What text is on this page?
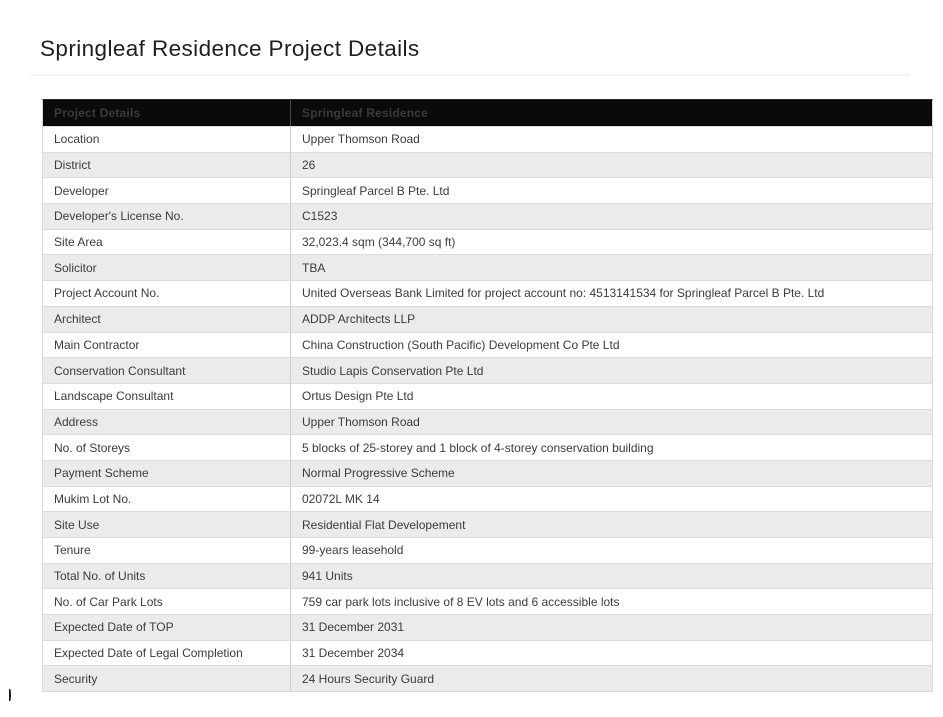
Springleaf Residence Project Details
Project Details	Springleaf Residence
Location	Upper Thomson Road
District	26
Developer	Springleaf Parcel B Pte. Ltd
Developer's License No.	C1523
Site Area	32,023.4 sqm (344,700 sq ft)
Solicitor	TBA
Project Account No.	United Overseas Bank Limited for project account no: 4513141534 for Springleaf Parcel B Pte. Ltd
Architect	ADDP Architects LLP
Main Contractor	China Construction (South Pacific) Development Co Pte Ltd
Conservation Consultant	Studio Lapis Conservation Pte Ltd
Landscape Consultant	Ortus Design Pte Ltd
Address	Upper Thomson Road
No. of Storeys	5 blocks of 25-storey and 1 block of 4-storey conservation building
Payment Scheme	Normal Progressive Scheme
Mukim Lot No.	02072L MK 14
Site Use	Residential Flat Developement
Tenure	99-years leasehold
Total No. of Units	941 Units
No. of Car Park Lots	759 car park lots inclusive of 8 EV lots and 6 accessible lots
Expected Date of TOP	31 December 2031
Expected Date of Legal Completion	31 December 2034
Security	24 Hours Security Guard
